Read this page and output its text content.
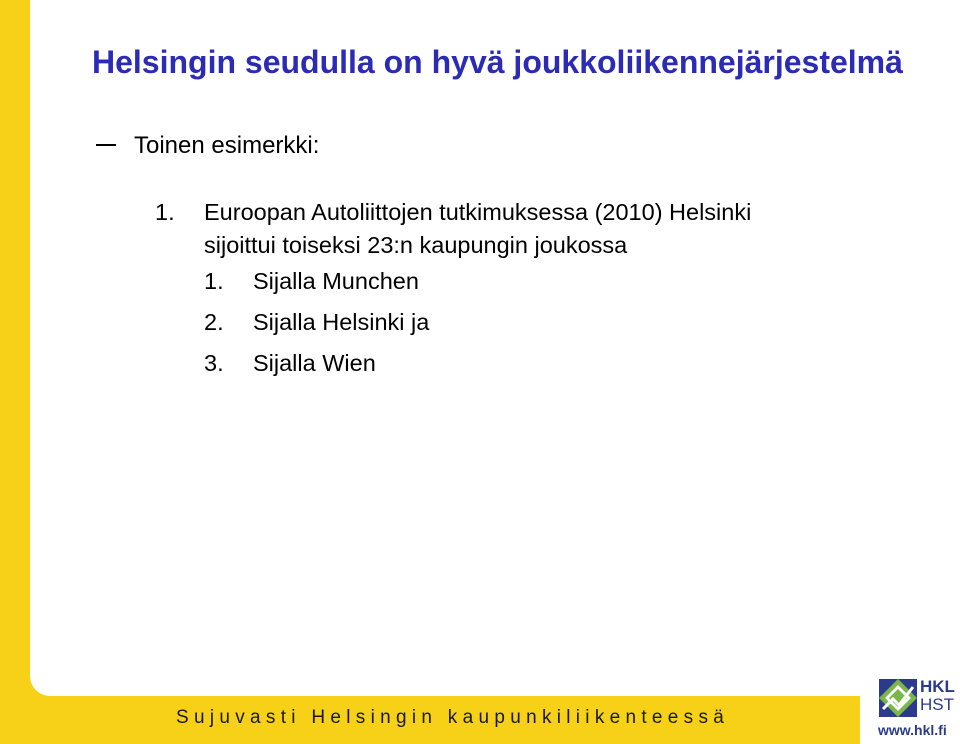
Helsingin seudulla on hyvä joukkoliikennejärjestelmä
Toinen esimerkki:
1. Euroopan Autoliittojen tutkimuksessa (2010) Helsinki
sijoittui toiseksi 23:n kaupungin joukossa
1. Sijalla Munchen
2. Sijalla Helsinki ja
3. Sijalla Wien
Sujuvasti Helsingin kaupunkiliikenteessä
HKL
HST
www.hkl.fi
